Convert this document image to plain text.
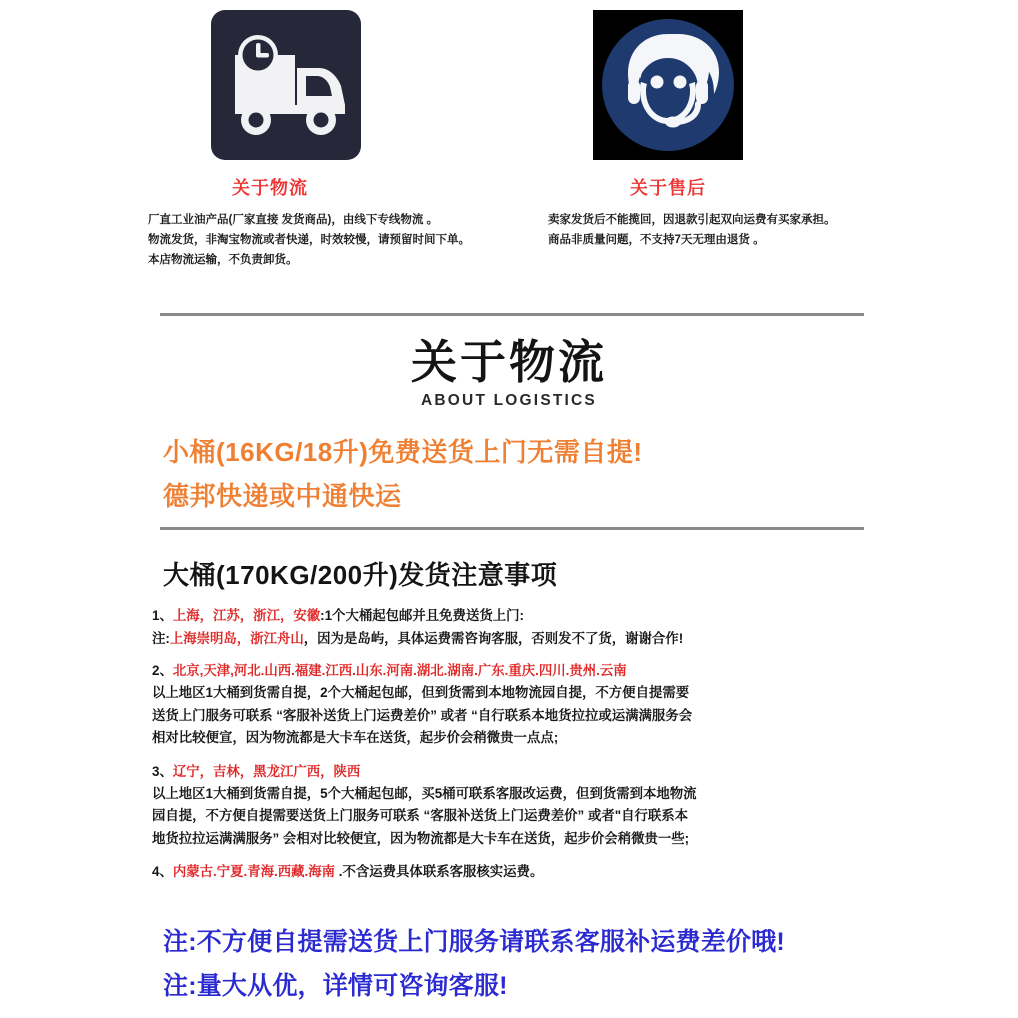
关于物流

厂直工业油产品(厂家直接 发货商品)，由线下专线物流 。
物流发货，非淘宝物流或者快递，时效较慢，请预留时间下单。
本店物流运输，不负责卸货。

关于售后

卖家发货后不能揽回，因退款引起双向运费有买家承担。
商品非质量问题，不支持7天无理由退货 。
关于物流

ABOUT LOGISTICS

小桶(16KG/18升)免费送货上门无需自提!
德邦快递或中通快运
大桶(170KG/200升)发货注意事项
1、上海，江苏，浙江，安徽:1个大桶起包邮并且免费送货上门:
注:上海崇明岛，浙江舟山，因为是岛屿，具体运费需咨询客服，否则发不了货，谢谢合作!
2、北京,天津,河北.山西.福建.江西.山东.河南.湖北.湖南.广东.重庆.四川.贵州.云南
以上地区1大桶到货需自提，2个大桶起包邮，但到货需到本地物流园自提，不方便自提需要
送货上门服务可联系 “客服补送货上门运费差价” 或者 “自行联系本地货拉拉或运满满服务会
相对比较便宣，因为物流都是大卡车在送货，起步价会稍微贵一点点;
3、辽宁，吉林，黑龙江广西，陕西
以上地区1大桶到货需自提，5个大桶起包邮，买5桶可联系客服改运费，但到货需到本地物流
园自提，不方便自提需要送货上门服务可联系 “客服补送货上门运费差价” 或者"自行联系本
地货拉拉运满满服务” 会相对比较便宜，因为物流都是大卡车在送货，起步价会稍微贵一些;
4、内蒙古.宁夏.青海.西藏.海南 .不含运费具体联系客服核实运费。
注:不方便自提需送货上门服务请联系客服补运费差价哦!
注:量大从优，详情可咨询客服!
